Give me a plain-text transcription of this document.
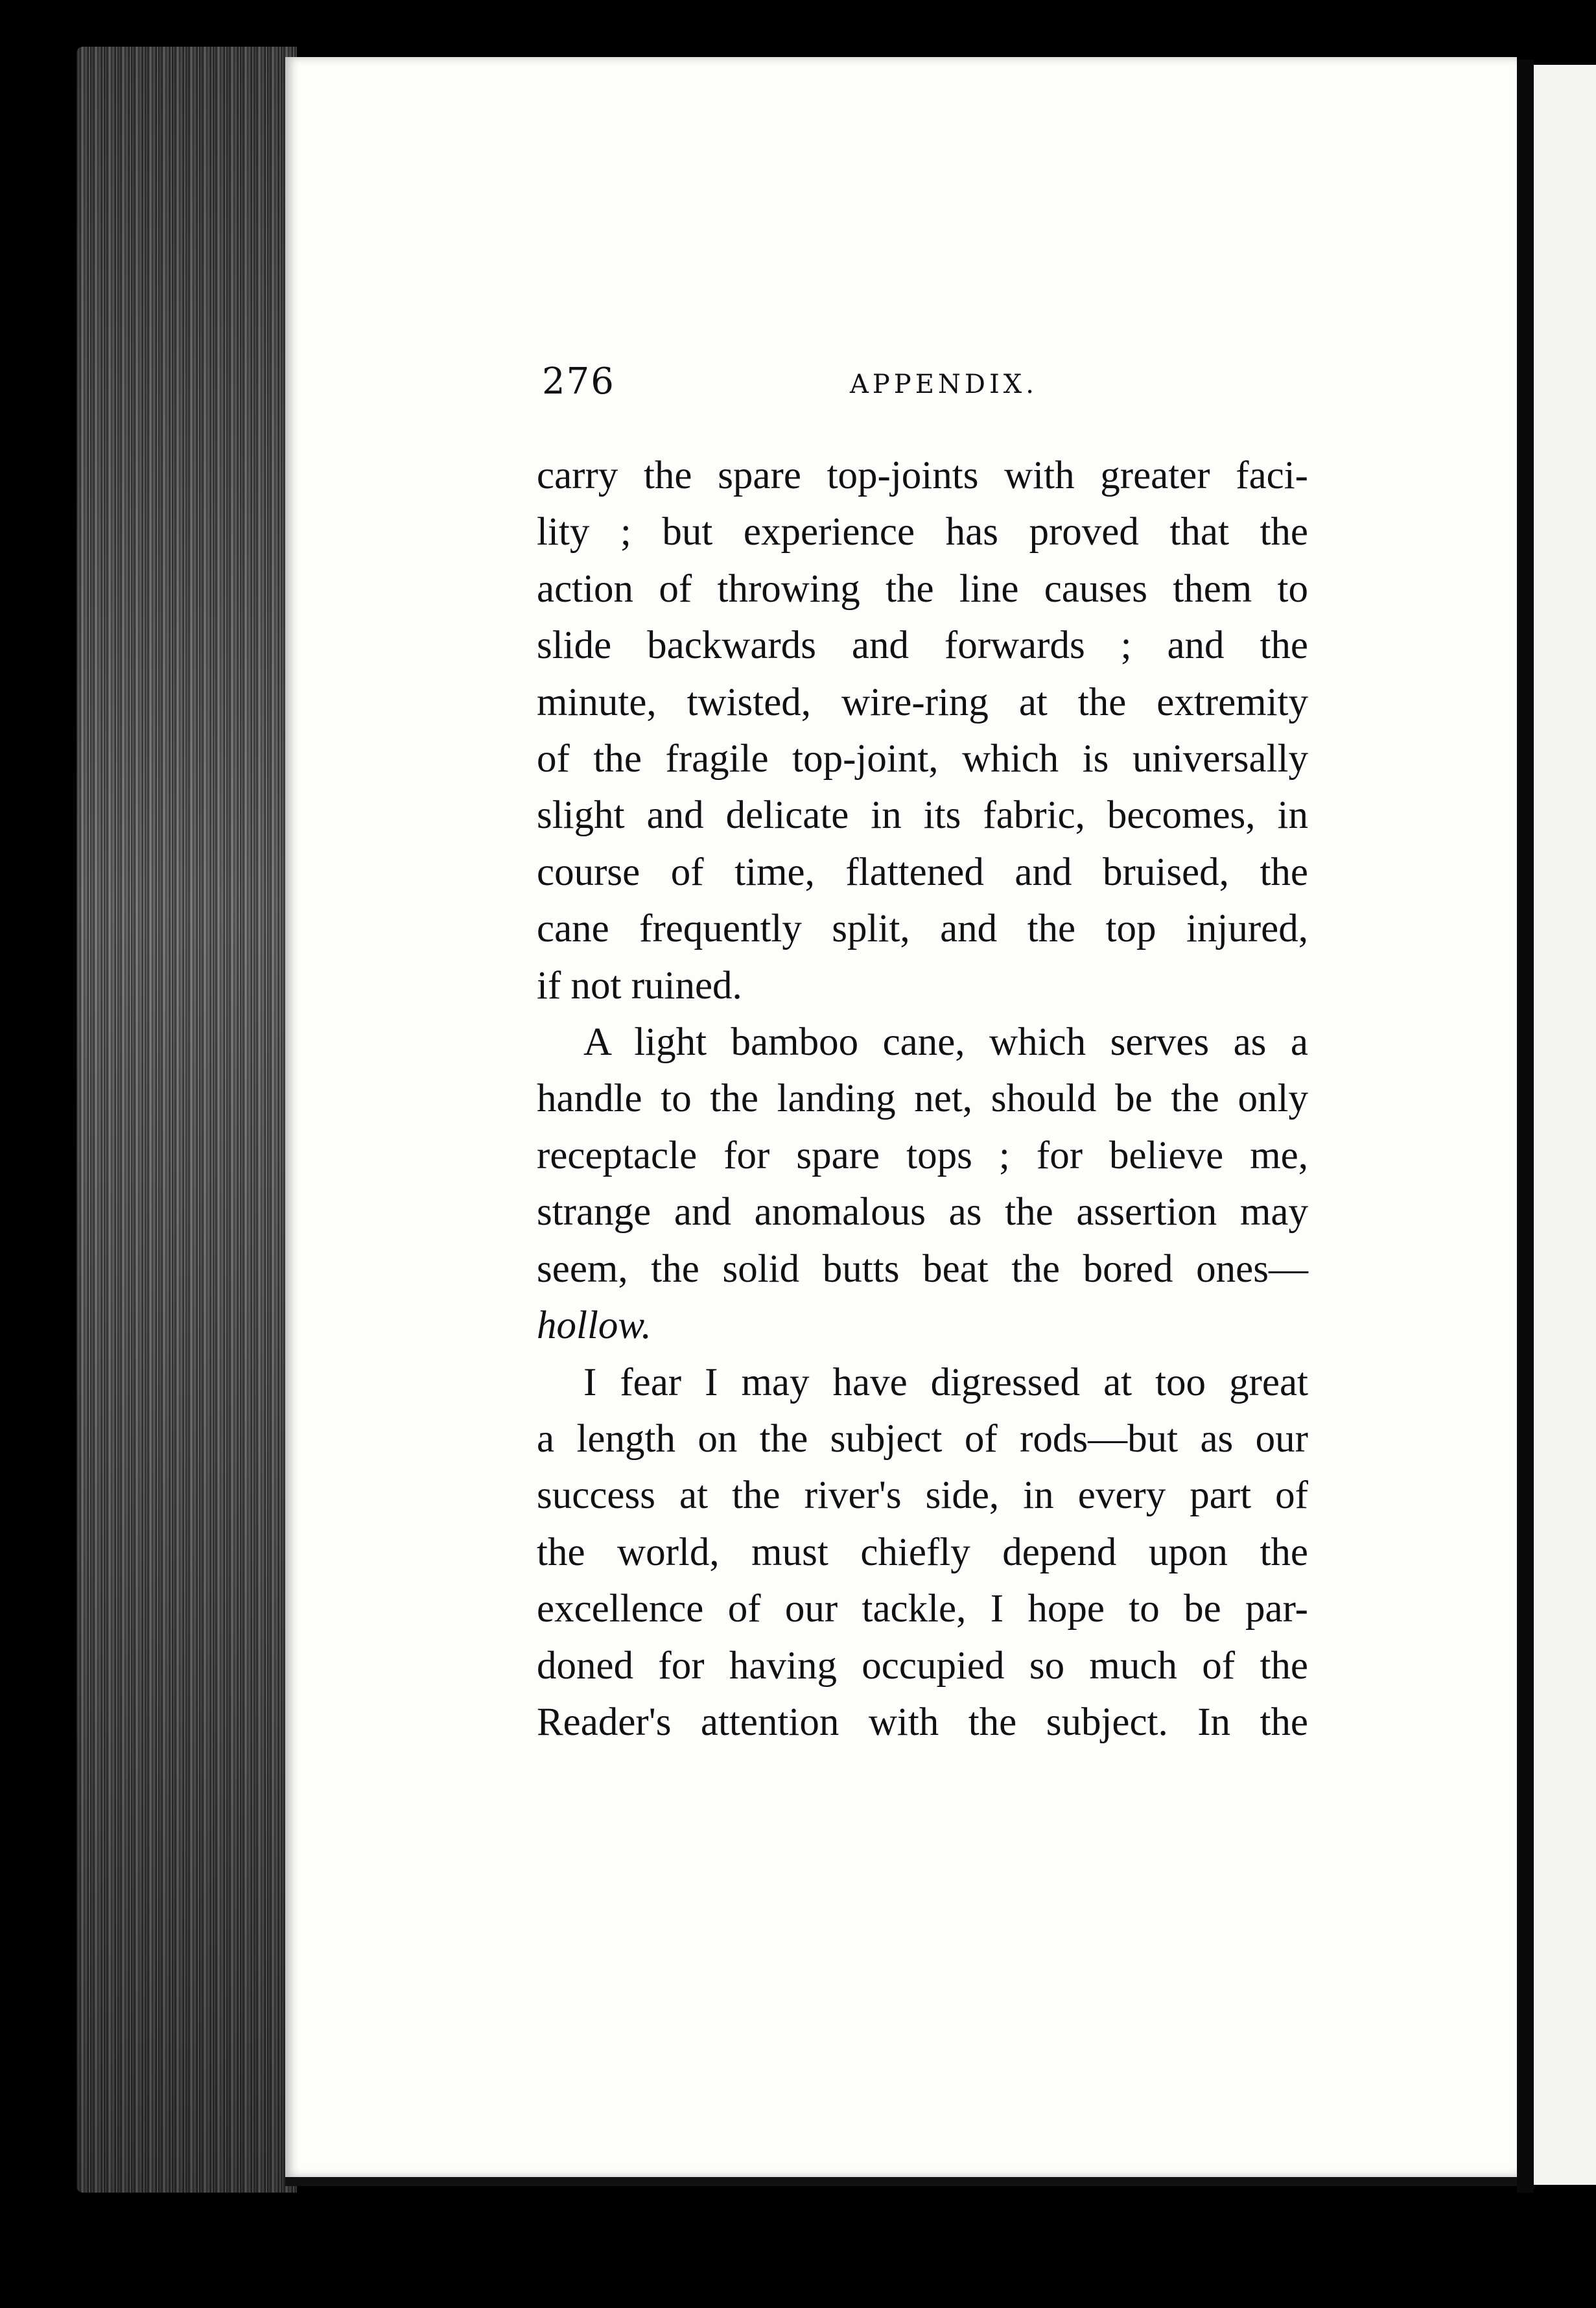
276	APPENDIX.

carry the spare top-joints with greater faci-
lity ; but experience has proved that the
action of throwing the line causes them to
slide backwards and forwards ; and the
minute, twisted, wire-ring at the extremity
of the fragile top-joint, which is universally
slight and delicate in its fabric, becomes, in
course of time, flattened and bruised, the
cane frequently split, and the top injured,
if not ruined.

A light bamboo cane, which serves as a
handle to the landing net, should be the only
receptacle for spare tops ; for believe me,
strange and anomalous as the assertion may
seem, the solid butts beat the bored ones—
hollow.

I fear I may have digressed at too great
a length on the subject of rods—but as our
success at the river's side, in every part of
the world, must chiefly depend upon the
excellence of our tackle, I hope to be par-
doned for having occupied so much of the
Reader's attention with the subject. In the
